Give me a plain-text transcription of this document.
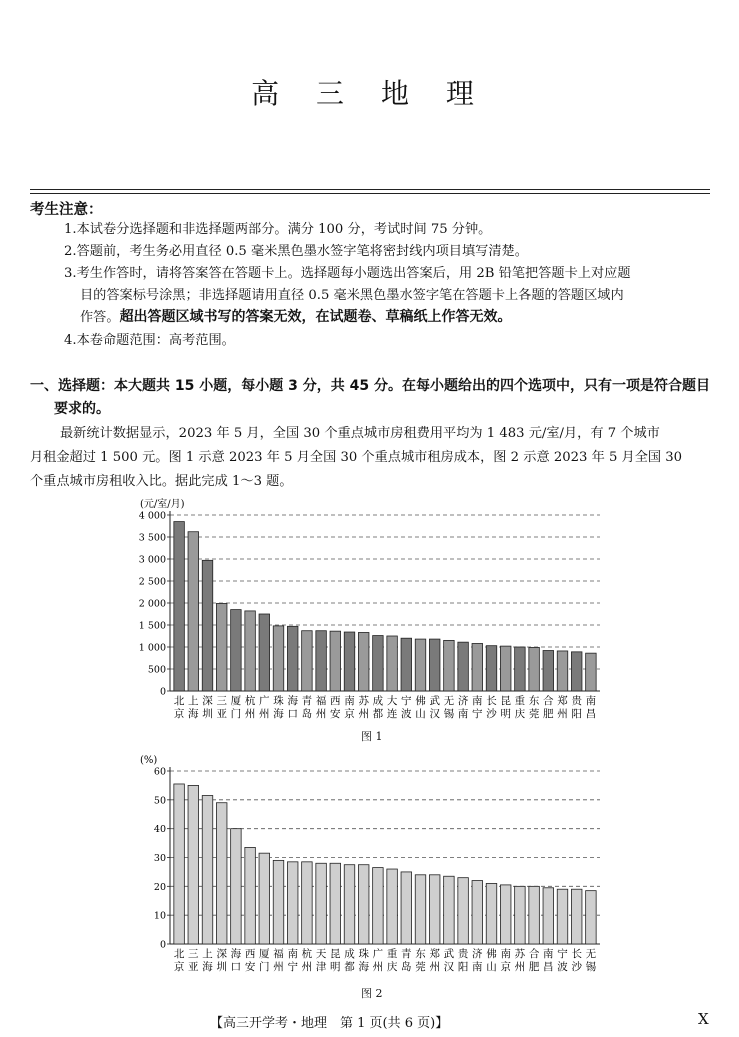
高 三 地 理
考生注意：
1.本试卷分选择题和非选择题两部分。满分 100 分，考试时间 75 分钟。
2.答题前，考生务必用直径 0.5 毫米黑色墨水签字笔将密封线内项目填写清楚。
3.考生作答时，请将答案答在答题卡上。选择题每小题选出答案后，用 2B 铅笔把答题卡上对应题
目的答案标号涂黑；非选择题请用直径 0.5 毫米黑色墨水签字笔在答题卡上各题的答题区域内
作答。超出答题区域书写的答案无效，在试题卷、草稿纸上作答无效。
4.本卷命题范围：高考范围。
一、选择题：本大题共 15 小题，每小题 3 分，共 45 分。在每小题给出的四个选项中，只有一项是符合题目
要求的。
最新统计数据显示，2023 年 5 月，全国 30 个重点城市房租费用平均为 1 483 元/室/月，有 7 个城市
月租金超过 1 500 元。图 1 示意 2023 年 5 月全国 30 个重点城市租房成本，图 2 示意 2023 年 5 月全国 30
个重点城市房租收入比。据此完成 1～3 题。
(元/室/月)
0
500
1 000
1 500
2 000
2 500
3 000
3 500
4 000
北
京
上
海
深
圳
三
亚
厦
门
杭
州
广
州
珠
海
海
口
青
岛
福
州
西
安
南
京
苏
州
成
都
大
连
宁
波
佛
山
武
汉
无
锡
济
南
南
宁
长
沙
昆
明
重
庆
东
莞
合
肥
郑
州
贵
阳
南
昌
图 1
(%)
0
10
20
30
40
50
60
北
京
三
亚
上
海
深
圳
海
口
西
安
厦
门
福
州
南
宁
杭
州
天
津
昆
明
成
都
珠
海
广
州
重
庆
青
岛
东
莞
郑
州
武
汉
贵
阳
济
南
佛
山
南
京
苏
州
合
肥
南
昌
宁
波
长
沙
无
锡
图 2
【高三开学考・地理　第 1 页(共 6 页)】	X
